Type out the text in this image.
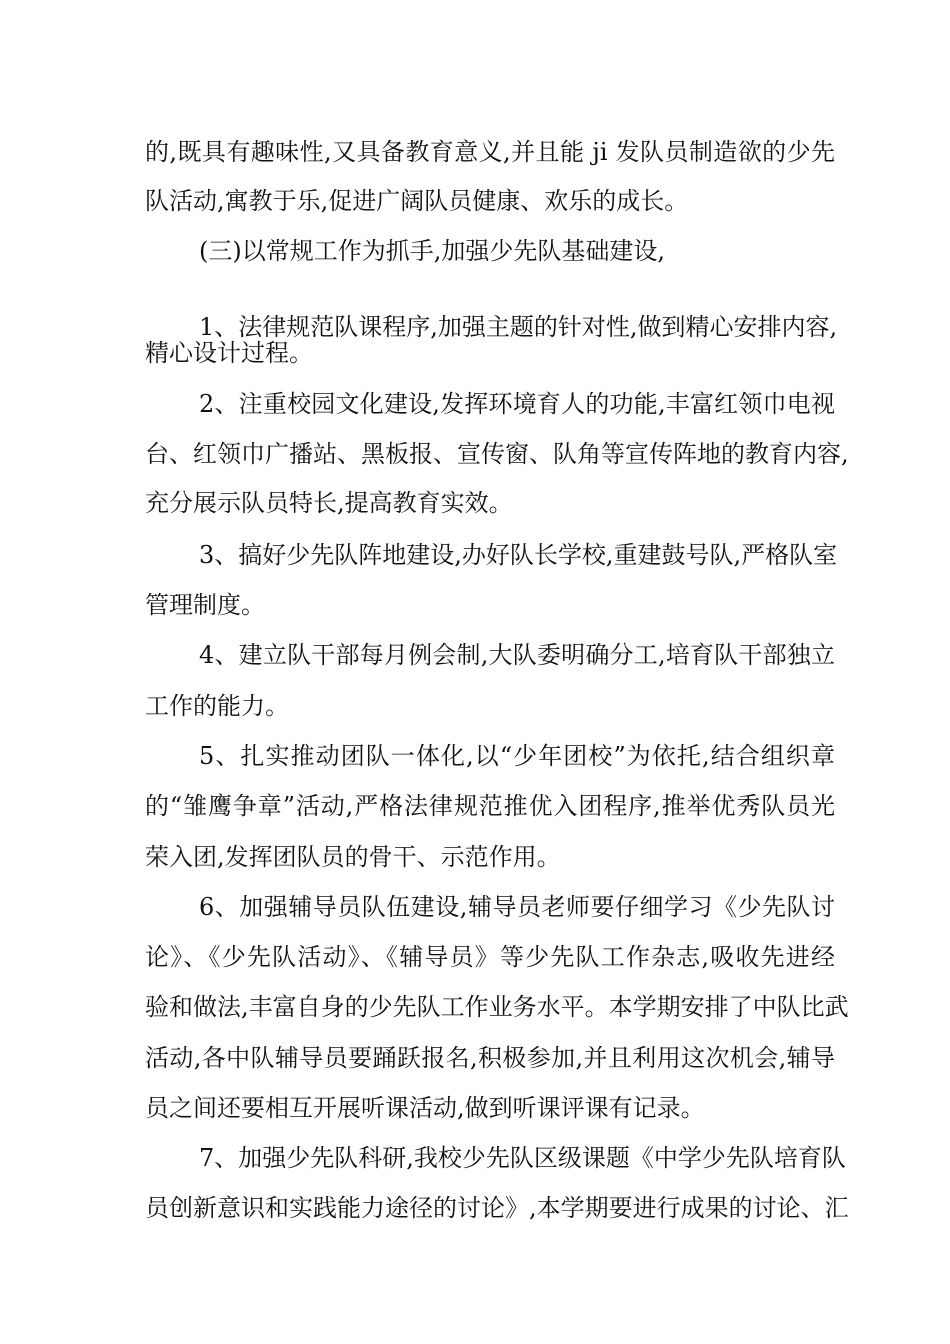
的,既具有趣味性,又具备教育意义,并且能 ji 发队员制造欲的少先
队活动,寓教于乐,促进广阔队员健康、欢乐的成长。
(三)以常规工作为抓手,加强少先队基础建设,
1、法律规范队课程序,加强主题的针对性,做到精心安排内容,
精心设计过程。
2、注重校园文化建设,发挥环境育人的功能,丰富红领巾电视
台、红领巾广播站、黑板报、宣传窗、队角等宣传阵地的教育内容,
充分展示队员特长,提高教育实效。
3、搞好少先队阵地建设,办好队长学校,重建鼓号队,严格队室
管理制度。
4、建立队干部每月例会制,大队委明确分工,培育队干部独立
工作的能力。
5、扎实推动团队一体化,以“少年团校”为依托,结合组织章
的“雏鹰争章”活动,严格法律规范推优入团程序,推举优秀队员光
荣入团,发挥团队员的骨干、示范作用。
6、加强辅导员队伍建设,辅导员老师要仔细学习《少先队讨
论》、《少先队活动》、《辅导员》等少先队工作杂志,吸收先进经
验和做法,丰富自身的少先队工作业务水平。本学期安排了中队比武
活动,各中队辅导员要踊跃报名,积极参加,并且利用这次机会,辅导
员之间还要相互开展听课活动,做到听课评课有记录。
7、加强少先队科研,我校少先队区级课题《中学少先队培育队
员创新意识和实践能力途径的讨论》,本学期要进行成果的讨论、汇
